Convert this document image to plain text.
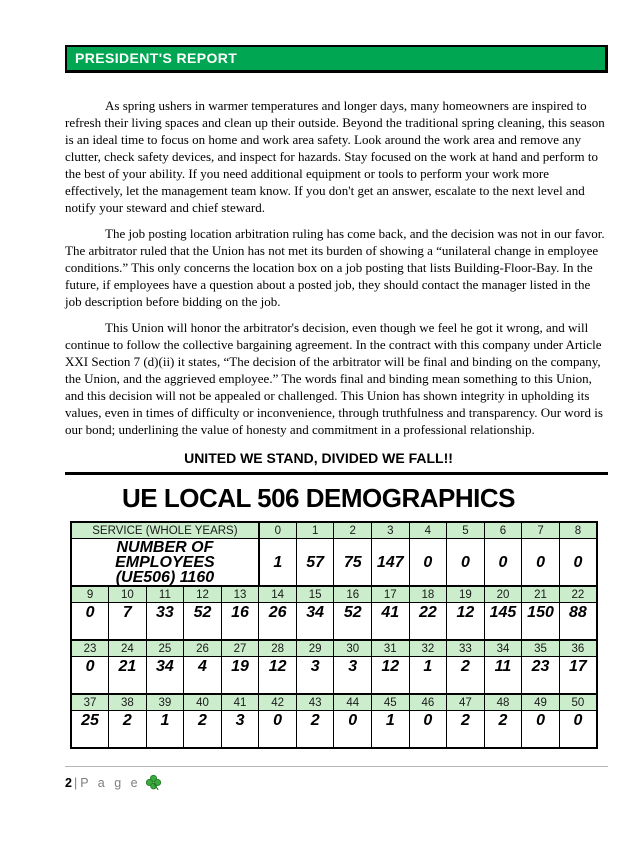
PRESIDENT'S REPORT

As spring ushers in warmer temperatures and longer days, many homeowners are inspired to refresh their living spaces and clean up their outside. Beyond the traditional spring cleaning, this season is an ideal time to focus on home and work area safety. Look around the work area and remove any clutter, check safety devices, and inspect for hazards. Stay focused on the work at hand and perform to the best of your ability. If you need additional equipment or tools to perform your work more effectively, let the management team know. If you don't get an answer, escalate to the next level and notify your steward and chief steward.

The job posting location arbitration ruling has come back, and the decision was not in our favor. The arbitrator ruled that the Union has not met its burden of showing a “unilateral change in employee conditions.” This only concerns the location box on a job posting that lists Building-Floor-Bay. In the future, if employees have a question about a posted job, they should contact the manager listed in the job description before bidding on the job.

This Union will honor the arbitrator's decision, even though we feel he got it wrong, and will continue to follow the collective bargaining agreement. In the contract with this company under Article XXI Section 7 (d)(ii) it states, “The decision of the arbitrator will be final and binding on the company, the Union, and the aggrieved employee.” The words final and binding mean something to this Union, and this decision will not be appealed or challenged. This Union has shown integrity in upholding its values, even in times of difficulty or inconvenience, through truthfulness and transparency. Our word is our bond; underlining the value of honesty and commitment in a professional relationship.

UNITED WE STAND, DIVIDED WE FALL!!
UE LOCAL 506 DEMOGRAPHICS
SERVICE (WHOLE YEARS)					0	1	2	3	4	5	6	7	8

NUMBER OF EMPLOYEES
(UE506) 1160					1	57	75	147	0	0	0	0	0
9	10	11	12	13	14	15	16	17	18	19	20	21	22
0	7	33	52	16	26	34	52	41	22	12	145	150	88
23	24	25	26	27	28	29	30	31	32	33	34	35	36
0	21	34	4	19	12	3	3	12	1	2	11	23	17
37	38	39	40	41	42	43	44	45	46	47	48	49	50
25	2	1	2	3	0	2	0	1	0	2	2	0	0
2 | P a g e
